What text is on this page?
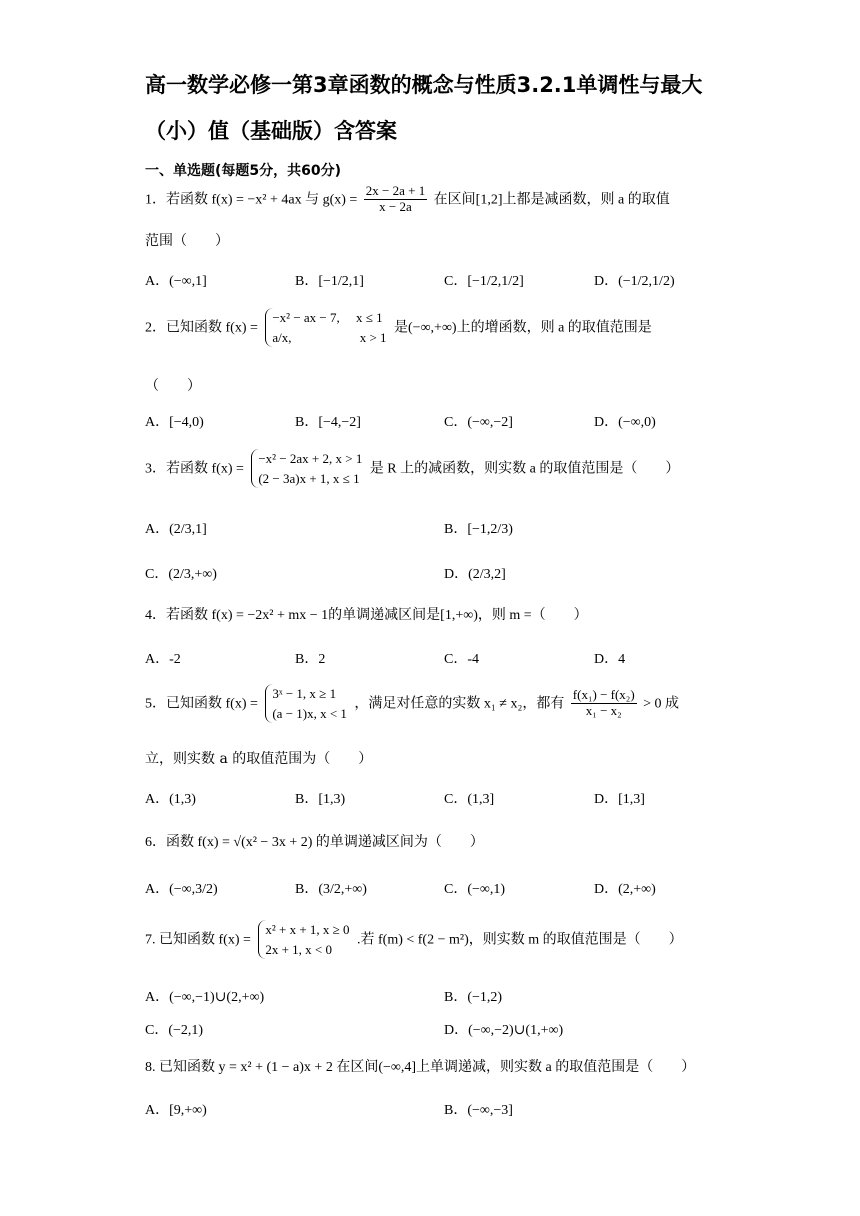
高一数学必修一第3章函数的概念与性质3.2.1单调性与最大
（小）值（基础版）含答案
一、单选题(每题5分，共60分)
1．若函数 f(x) = −x² + 4ax 与 $g(x) = \frac{2x - 2a + 1}{x - 2a}$ 在区间[1,2]上都是减函数，则 a 的取值
范围（　　）
A．(−∞,1]	B．[−1/2,1]	C．[−1/2,1/2]	D．(−1/2,1/2)
2．已知函数 f(x) =
−x² − ax − 7,　 x ≤ 1
a/x,　　　　　 x > 1
是(−∞,+∞)上的增函数，则 a 的取值范围是
（　　）
A．[−4,0)	B．[−4,−2]	C．(−∞,−2]	D．(−∞,0)
3．若函数 f(x) =
−x² − 2ax + 2, x > 1
(2 − 3a)x + 1, x ≤ 1
是 R 上的减函数，则实数 a 的取值范围是（　　）
A．(2/3,1]	B．[−1,2/3)
C．(2/3,+∞)	D．(2/3,2]
4．若函数 f(x) = −2x² + mx − 1的单调递减区间是[1,+∞)，则 m =（　　）
A．-2	B．2	C．-4	D．4
5．已知函数 f(x) =
3ˣ − 1, x ≥ 1
(a − 1)x, x < 1
，满足对任意的实数 x₁ ≠ x₂，都有 $\frac{\text{f(x₁) − f(x₂)}}{\text{x₁ − x₂}} > 0$ 成
立，则实数 a 的取值范围为（　　）
A．(1,3)	B．[1,3)	C．(1,3]	D．[1,3]
6．函数 f(x) = √(x² − 3x + 2) 的单调递减区间为（　　）
A．(−∞,3/2)	B．(3/2,+∞)	C．(−∞,1)	D．(2,+∞)
7. 已知函数 f(x) =
x² + x + 1, x ≥ 0
2x + 1, x < 0
.若 f(m) < f(2 − m²)，则实数 m 的取值范围是（　　）
A．(−∞,−1)∪(2,+∞)	B．(−1,2)
C．(−2,1)	D．(−∞,−2)∪(1,+∞)
8. 已知函数 y = x² + (1 − a)x + 2 在区间(−∞,4]上单调递减，则实数 a 的取值范围是（　　）
A．[9,+∞)	B．(−∞,−3]
